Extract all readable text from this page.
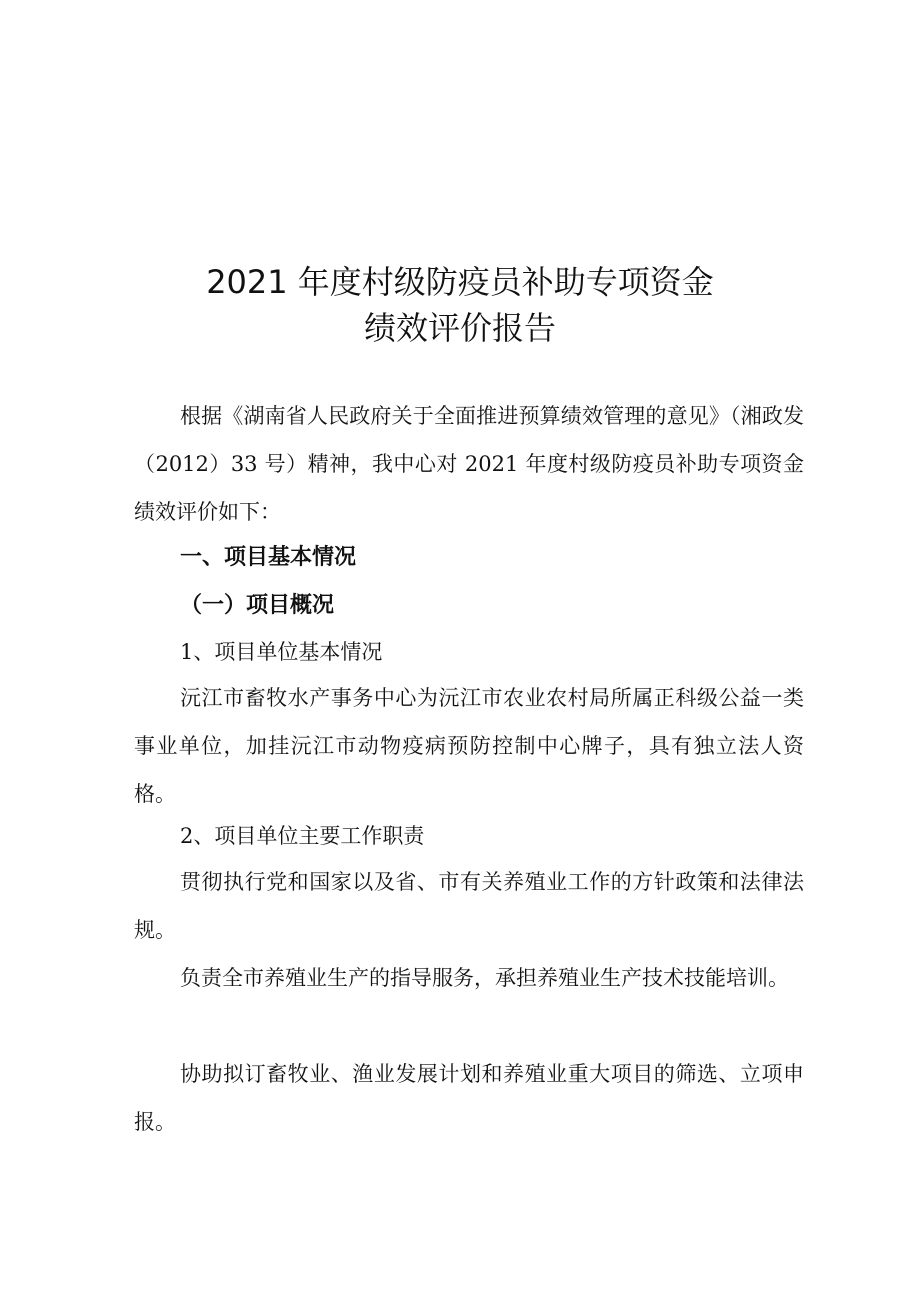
2021 年度村级防疫员补助专项资金
绩效评价报告

根据《湖南省人民政府关于全面推进预算绩效管理的意见》（湘政发（2012）33 号）精神，我中心对 2021 年度村级防疫员补助专项资金绩效评价如下：

一、项目基本情况
（一）项目概况
1、项目单位基本情况

沅江市畜牧水产事务中心为沅江市农业农村局所属正科级公益一类事业单位，加挂沅江市动物疫病预防控制中心牌子，具有独立法人资格。

2、项目单位主要工作职责

贯彻执行党和国家以及省、市有关养殖业工作的方针政策和法律法规。

负责全市养殖业生产的指导服务，承担养殖业生产技术技能培训。

协助拟订畜牧业、渔业发展计划和养殖业重大项目的筛选、立项申报。
